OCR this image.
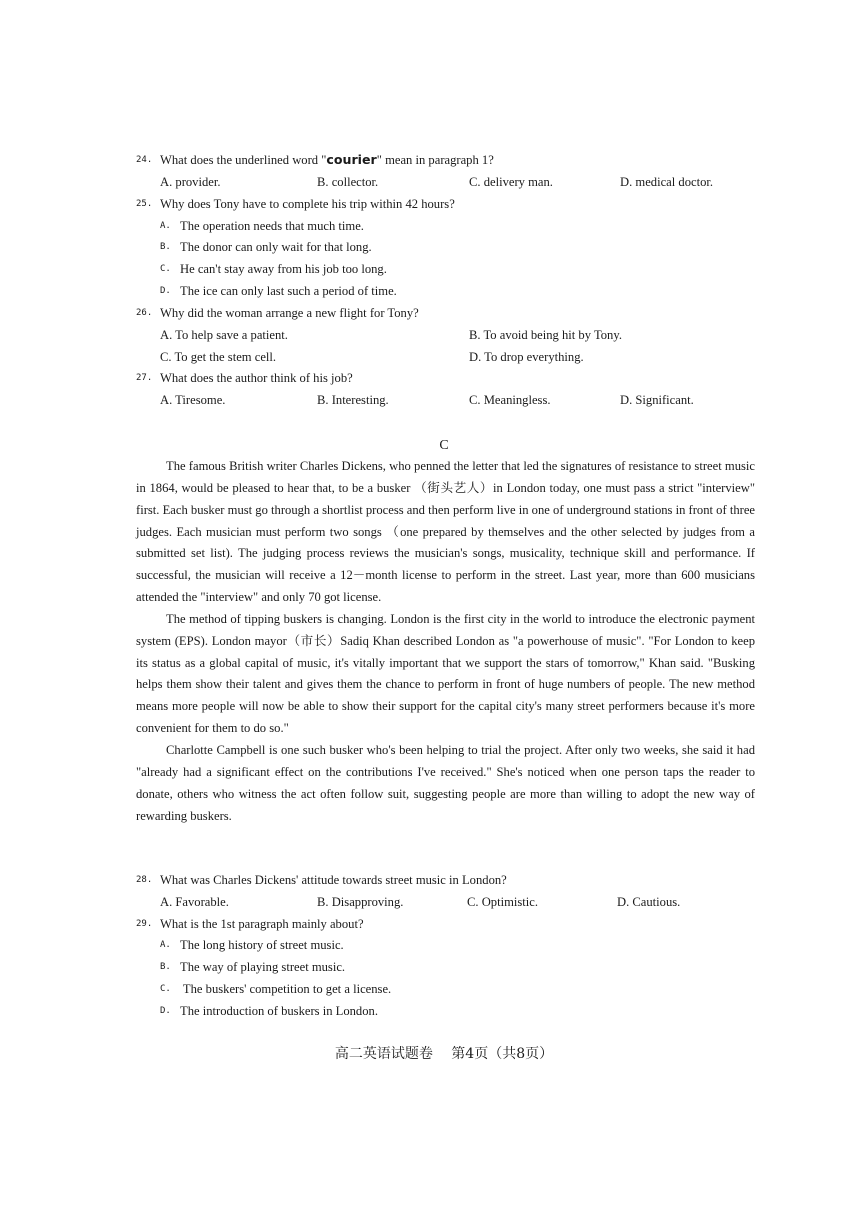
24. What does the underlined word "courier" mean in paragraph 1?
A. provider.	B. collector.	C. delivery man.	D. medical doctor.
25. Why does Tony have to complete his trip within 42 hours?
A. The operation needs that much time.
B. The donor can only wait for that long.
C. He can't stay away from his job too long.
D. The ice can only last such a period of time.
26. Why did the woman arrange a new flight for Tony?
A. To help save a patient.	B. To avoid being hit by Tony.
C. To get the stem cell.	D. To drop everything.
27. What does the author think of his job?
A. Tiresome.	B. Interesting.	C. Meaningless.	D. Significant.
C

The famous British writer Charles Dickens, who penned the letter that led the signatures of resistance to street music in 1864, would be pleased to hear that, to be a busker （街头艺人）in London today, one must pass a strict "interview" first. Each busker must go through a shortlist process and then perform live in one of underground stations in front of three judges. Each musician must perform two songs （one prepared by themselves and the other selected by judges from a submitted set list). The judging process reviews the musician's songs, musicality, technique skill and performance. If successful, the musician will receive a 12－month license to perform in the street. Last year, more than 600 musicians attended the "interview" and only 70 got license.

The method of tipping buskers is changing. London is the first city in the world to introduce the electronic payment system (EPS). London mayor（市长）Sadiq Khan described London as "a powerhouse of music". "For London to keep its status as a global capital of music, it's vitally important that we support the stars of tomorrow," Khan said. "Busking helps them show their talent and gives them the chance to perform in front of huge numbers of people. The new method means more people will now be able to show their support for the capital city's many street performers because it's more convenient for them to do so."

Charlotte Campbell is one such busker who's been helping to trial the project. After only two weeks, she said it had "already had a significant effect on the contributions I've received." She's noticed when one person taps the reader to donate, others who witness the act often follow suit, suggesting people are more than willing to adopt the new way of rewarding buskers.

28. What was Charles Dickens' attitude towards street music in London?
A. Favorable.	B. Disapproving.	C. Optimistic.	D. Cautious.
29. What is the 1st paragraph mainly about?
A. The long history of street music.
B. The way of playing street music.
C. The buskers' competition to get a license.
D. The introduction of buskers in London.
高二英语试题卷　 第4页（共8页）
